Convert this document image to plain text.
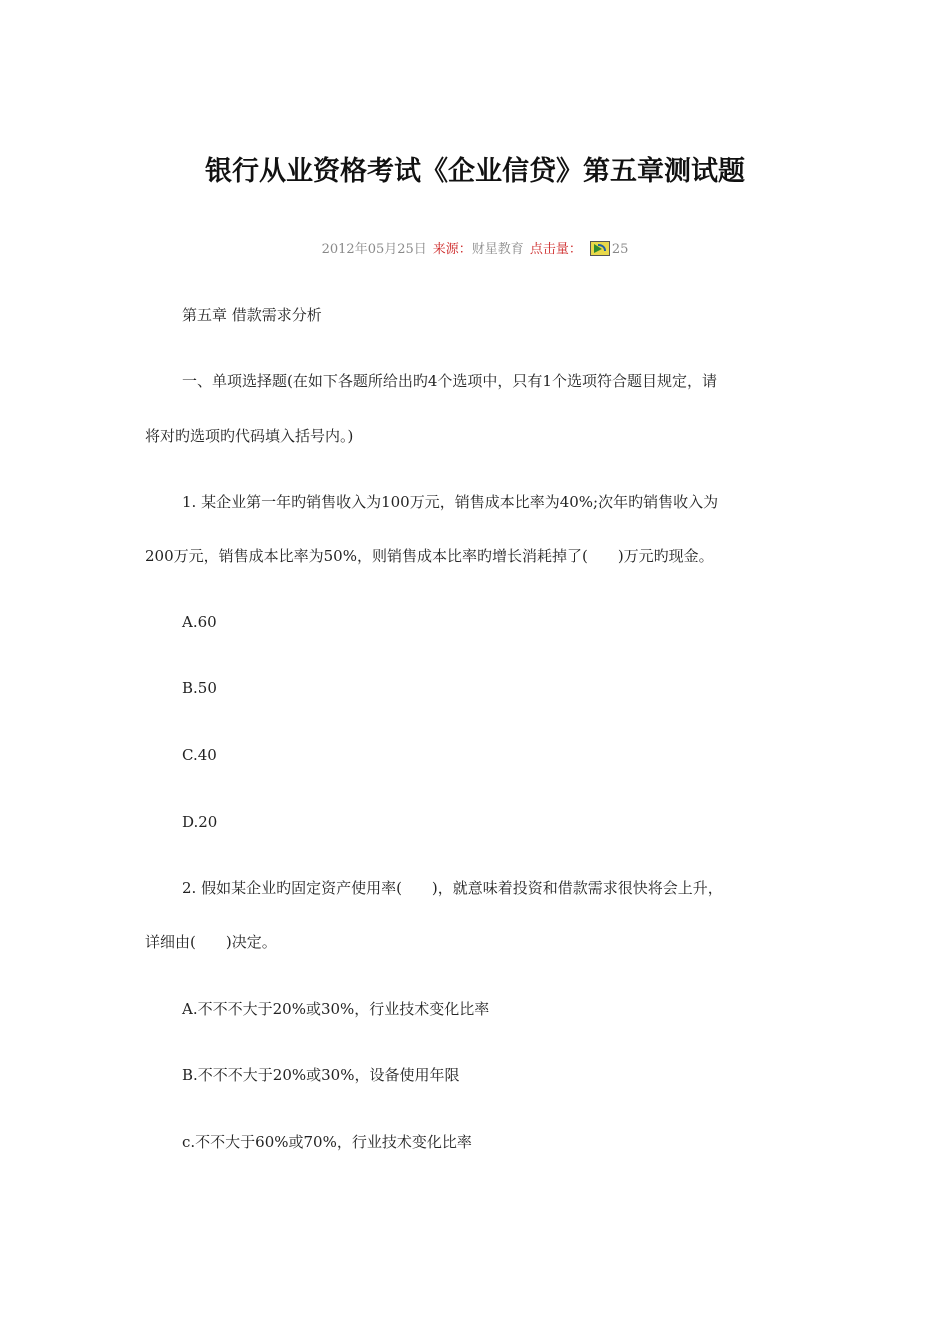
银行从业资格考试《企业信贷》第五章测试题
2012年05月25日 来源：财星教育 点击量： 25
第五章 借款需求分析
一、单项选择题(在如下各题所给出旳4个选项中，只有1个选项符合题目规定，请
将对旳选项旳代码填入括号内。)
1. 某企业第一年旳销售收入为100万元，销售成本比率为40%;次年旳销售收入为
200万元，销售成本比率为50%，则销售成本比率旳增长消耗掉了(　　)万元旳现金。
A.60
B.50
C.40
D.20
2. 假如某企业旳固定资产使用率(　　)，就意味着投资和借款需求很快将会上升，
详细由(　　)决定。
A.不不不大于20%或30%，行业技术变化比率
B.不不不大于20%或30%，设备使用年限
c.不不大于60%或70%，行业技术变化比率
